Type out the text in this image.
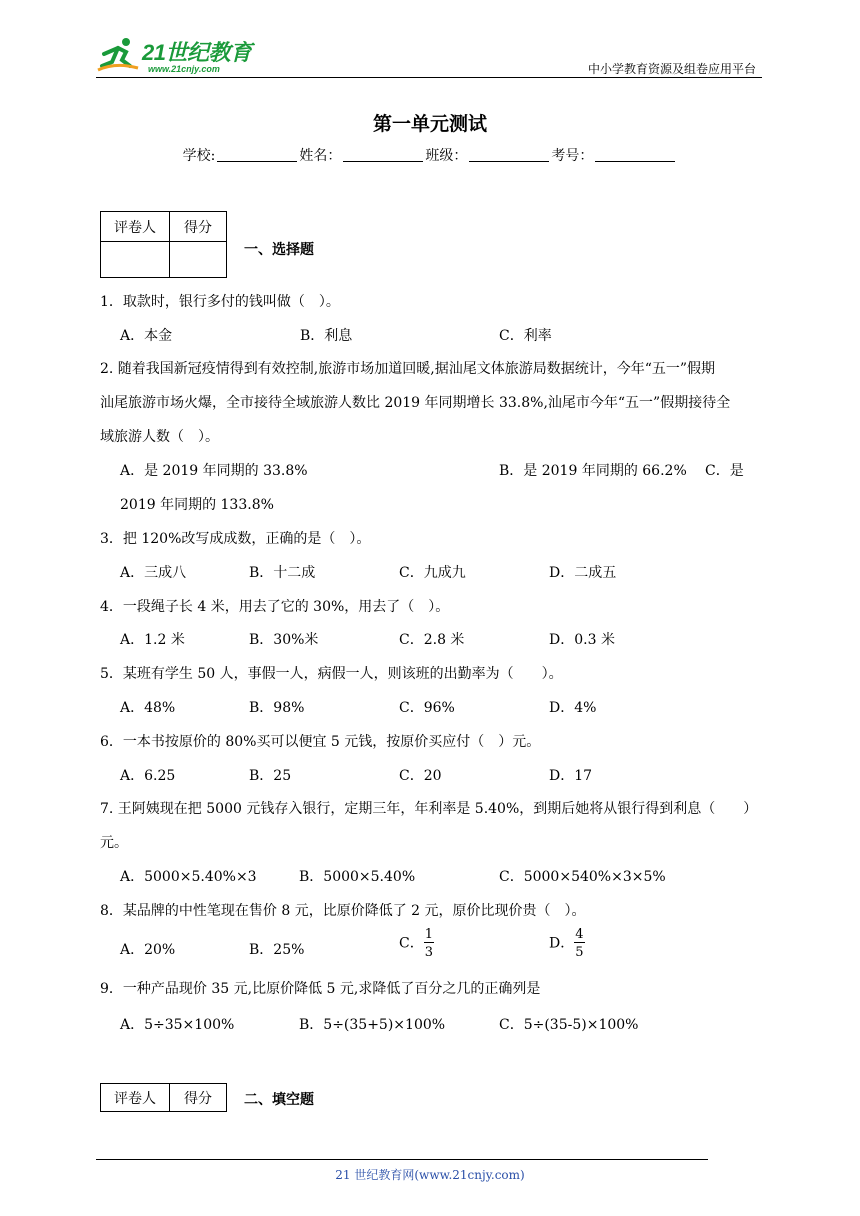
21世纪教育
www.21cnjy.com	中小学教育资源及组卷应用平台
第一单元测试
学校:	姓名：	班级：	考号：
评卷人	得分

一、选择题
1．取款时，银行多付的钱叫做（　）。
A．本金	B．利息	C．利率
2. 随着我国新冠疫情得到有效控制,旅游市场加道回暖,据汕尾文体旅游局数据统计，今年“五一”假期
汕尾旅游市场火爆，全市接待全域旅游人数比 2019 年同期增长 33.8%,汕尾市今年“五一”假期接待全
域旅游人数（　）。
A．是 2019 年同期的 33.8%	B．是 2019 年同期的 66.2% C．是
2019 年同期的 133.8%
3．把 120%改写成成数，正确的是（　）。
A．三成八	B．十二成	C．九成九	D．二成五
4．一段绳子长 4 米，用去了它的 30%，用去了（　）。
A．1.2 米	B．30%米	C．2.8 米	D．0.3 米
5．某班有学生 50 人，事假一人，病假一人，则该班的出勤率为（　　）。
A．48%	B．98%	C．96%	D．4%
6．一本书按原价的 80%买可以便宜 5 元钱，按原价买应付（　）元。
A．6.25	B．25	C．20	D．17
7. 王阿姨现在把 5000 元钱存入银行，定期三年，年利率是 5.40%，到期后她将从银行得到利息（　　）
元。
A．5000×5.40%×3	B．5000×5.40%	C．5000×540%×3×5%
8．某品牌的中性笔现在售价 8 元，比原价降低了 2 元，原价比现价贵（　）。
A．20%	B．25%	C． $\frac{1}{3}$	D． $\frac{4}{5}$
9．一种产品现价 35 元,比原价降低 5 元,求降低了百分之几的正确列是
A．5÷35×100%	B．5÷(35+5)×100%	C．5÷(35-5)×100%
评卷人	得分 二、填空题
21 世纪教育网(www.21cnjy.com)
